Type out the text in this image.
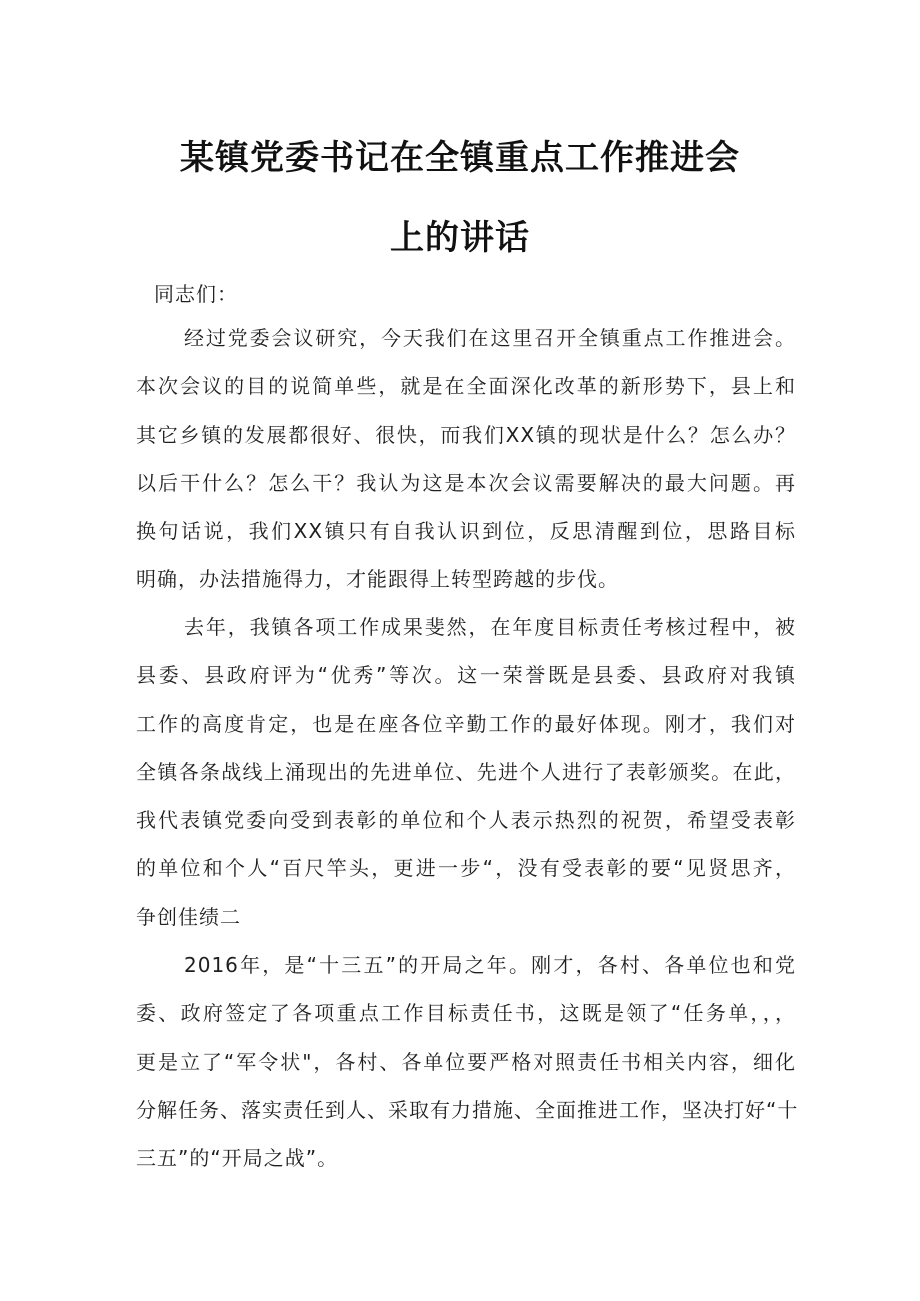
某镇党委书记在全镇重点工作推进会
上的讲话
同志们：
经过党委会议研究，今天我们在这里召开全镇重点工作推进会。
本次会议的目的说简单些，就是在全面深化改革的新形势下，县上和
其它乡镇的发展都很好、很快，而我们XX镇的现状是什么？怎么办？
以后干什么？怎么干？我认为这是本次会议需要解决的最大问题。再
换句话说，我们XX镇只有自我认识到位，反思清醒到位，思路目标
明确，办法措施得力，才能跟得上转型跨越的步伐。
去年，我镇各项工作成果斐然，在年度目标责任考核过程中，被
县委、县政府评为“优秀”等次。这一荣誉既是县委、县政府对我镇
工作的高度肯定，也是在座各位辛勤工作的最好体现。刚才，我们对
全镇各条战线上涌现出的先进单位、先进个人进行了表彰颁奖。在此，
我代表镇党委向受到表彰的单位和个人表示热烈的祝贺，希望受表彰
的单位和个人“百尺竿头，更进一步“，没有受表彰的要“见贤思齐，
争创佳绩二
2016年，是“十三五”的开局之年。刚才，各村、各单位也和党
委、政府签定了各项重点工作目标责任书，这既是领了“任务单，，，
更是立了“军令状"，各村、各单位要严格对照责任书相关内容，细化
分解任务、落实责任到人、采取有力措施、全面推进工作，坚决打好“十
三五”的“开局之战”。
